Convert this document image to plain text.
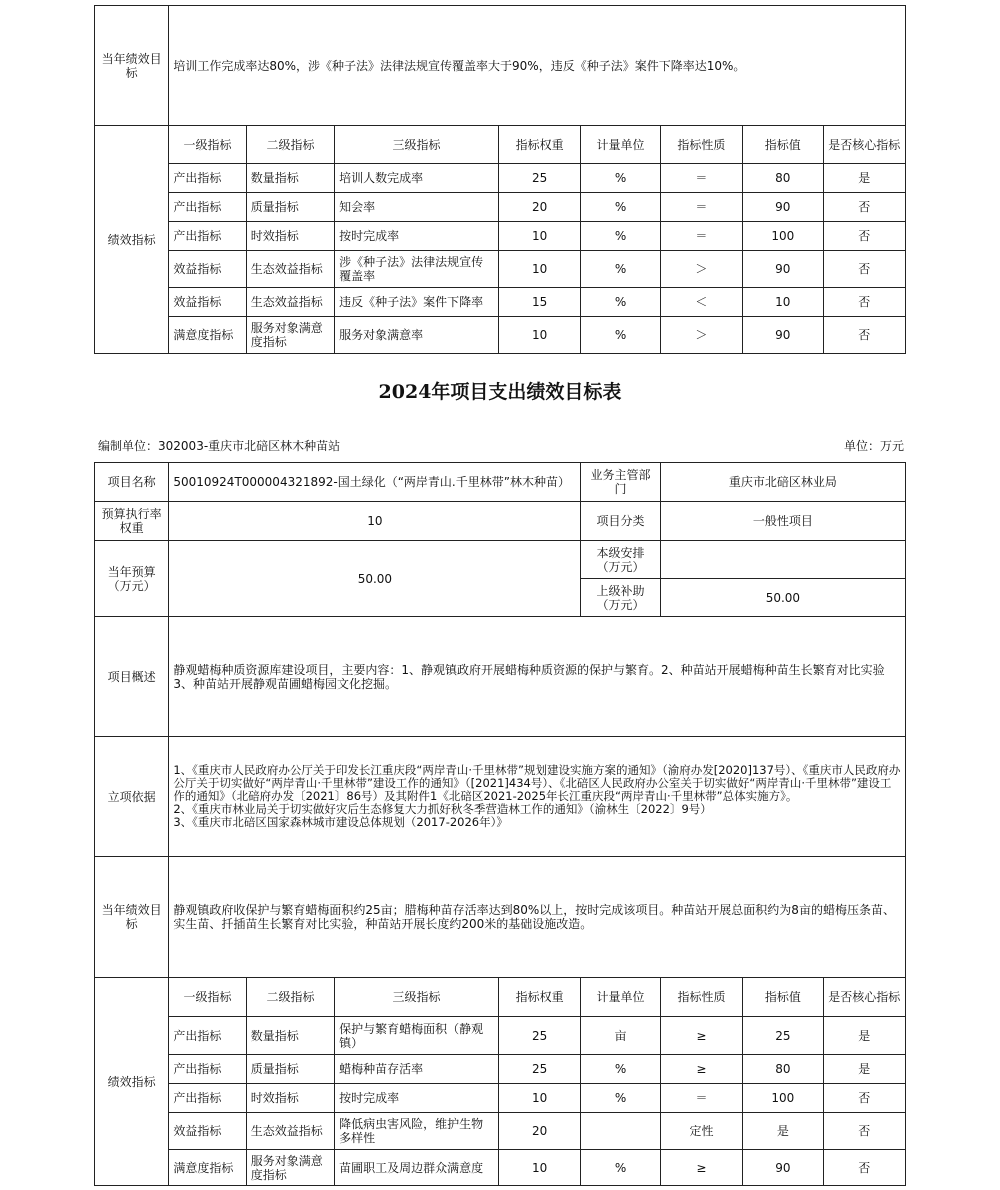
当年绩效目标	培训工作完成率达80%，涉《种子法》法律法规宣传覆盖率大于90%，违反《种子法》案件下降率达10%。							
绩效指标	一级指标	二级指标	三级指标	指标权重	计量单位	指标性质	指标值	是否核心指标
	产出指标	数量指标	培训人数完成率	25	%	＝	80	是
	产出指标	质量指标	知会率	20	%	＝	90	否
	产出指标	时效指标	按时完成率	10	%	＝	100	否
	效益指标	生态效益指标	涉《种子法》法律法规宣传覆盖率	10	%	＞	90	否
	效益指标	生态效益指标	违反《种子法》案件下降率	15	%	＜	10	否
	满意度指标	服务对象满意度指标	服务对象满意率	10	%	＞	90	否
2024年项目支出绩效目标表
编制单位：302003-重庆市北碚区林木种苗站	单位：万元
项目名称	50010924T000004321892-国土绿化（“两岸青山.千里林带”林木种苗）				业务主管部门	重庆市北碚区林业局		
预算执行率权重	10				项目分类	一般性项目		
当年预算（万元）	50.00				本级安排（万元）			
					上级补助（万元）	50.00		
项目概述	静观蜡梅种质资源库建设项目，主要内容：1、静观镇政府开展蜡梅种质资源的保护与繁育。2、种苗站开展蜡梅种苗生长繁育对比实验3、种苗站开展静观苗圃蜡梅园文化挖掘。							
立项依据	1、《重庆市人民政府办公厅关于印发长江重庆段“两岸青山·千里林带”规划建设实施方案的通知》（渝府办发[2020]137号）、《重庆市人民政府办公厅关于切实做好“两岸青山·千里林带”建设工作的通知》（[2021]434号）、《北碚区人民政府办公室关于切实做好“两岸青山·千里林带”建设工作的通知》（北碚府办发〔2021〕86号）及其附件1《北碚区2021-2025年长江重庆段“两岸青山·千里林带”总体实施方》。
2、《重庆市林业局关于切实做好灾后生态修复大力抓好秋冬季营造林工作的通知》（渝林生〔2022〕9号）
3、《重庆市北碚区国家森林城市建设总体规划（2017-2026年）》							

当年绩效目标	静观镇政府收保护与繁育蜡梅面积约25亩；腊梅种苗存活率达到80%以上，按时完成该项目。种苗站开展总面积约为8亩的蜡梅压条苗、实生苗、扦插苗生长繁育对比实验，种苗站开展长度约200米的基础设施改造。							
绩效指标	一级指标	二级指标	三级指标	指标权重	计量单位	指标性质	指标值	是否核心指标
	产出指标	数量指标	保护与繁育蜡梅面积（静观镇）	25	亩	≥	25	是
	产出指标	质量指标	蜡梅种苗存活率	25	%	≥	80	是
	产出指标	时效指标	按时完成率	10	%	＝	100	否
	效益指标	生态效益指标	降低病虫害风险，维护生物多样性	20		定性	是	否
	满意度指标	服务对象满意度指标	苗圃职工及周边群众满意度	10	%	≥	90	否
